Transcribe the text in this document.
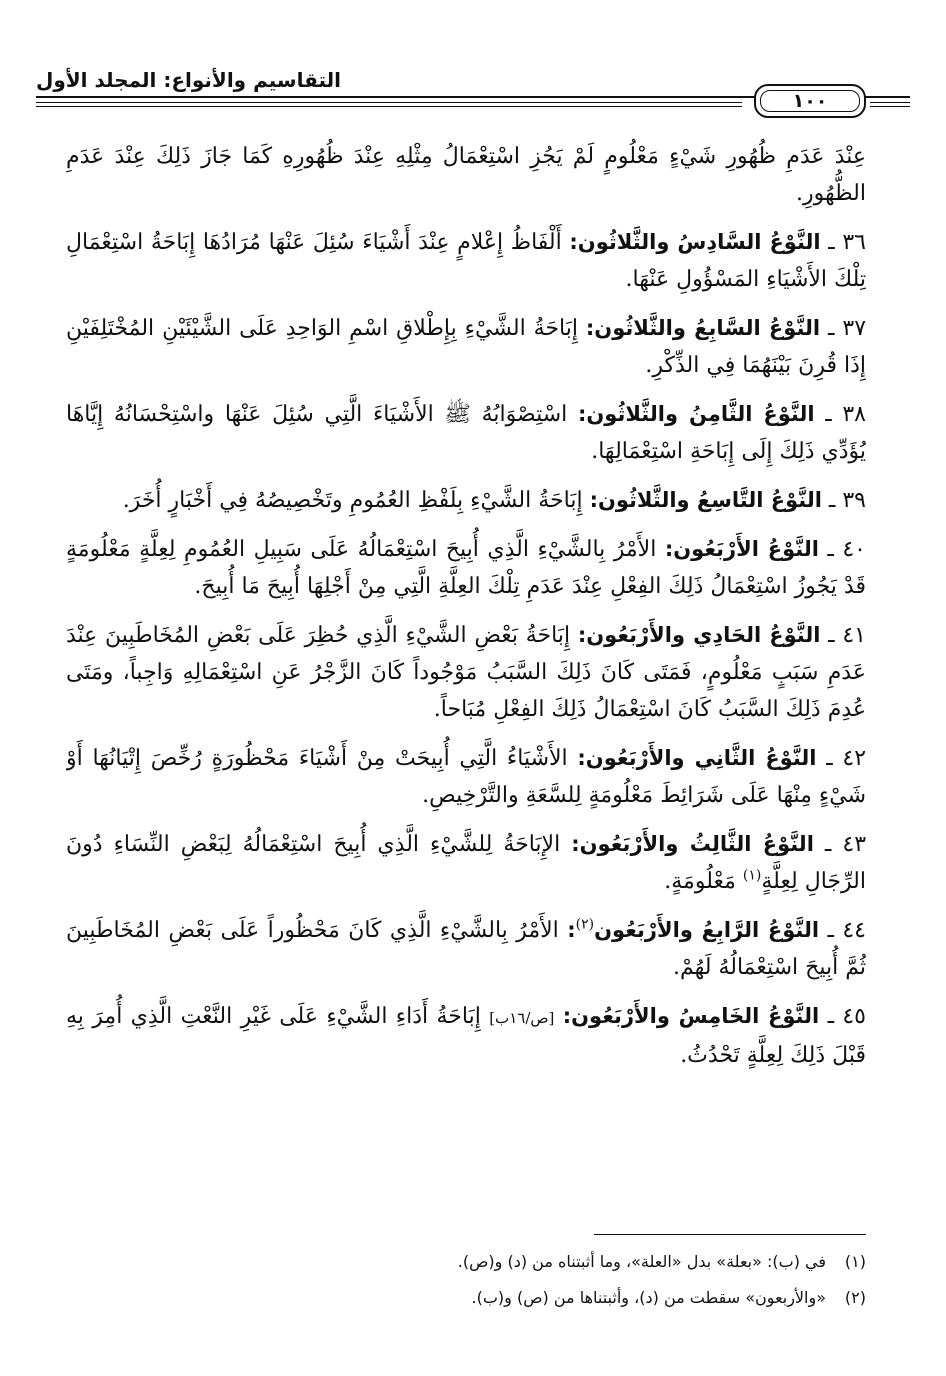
التقاسيم والأنواع: المجلد الأول
١٠٠

عِنْدَ عَدَمِ ظُهُورِ شَيْءٍ مَعْلُومٍ لَمْ يَجُزِ اسْتِعْمَالُ مِثْلِهِ عِنْدَ ظُهُورِهِ كَمَا جَازَ ذَلِكَ عِنْدَ عَدَمِ الظُّهُورِ.

٣٦ ـ النَّوْعُ السَّادِسُ والثَّلاثُون: أَلْفَاظُ إِعْلامٍ عِنْدَ أَشْيَاءَ سُئِلَ عَنْهَا مُرَادُهَا إِبَاحَةُ اسْتِعْمَالِ تِلْكَ الأَشْيَاءِ المَسْؤُولِ عَنْهَا.

٣٧ ـ النَّوْعُ السَّابِعُ والثَّلاثُون: إِبَاحَةُ الشَّيْءِ بِإِطْلاقِ اسْمِ الوَاحِدِ عَلَى الشَّيْئَيْنِ المُخْتَلِفَيْنِ إِذَا قُرِنَ بَيْنَهُمَا فِي الذِّكْرِ.

٣٨ ـ النَّوْعُ الثَّامِنُ والثَّلاثُون: اسْتِصْوَابُهُ ﷺ الأَشْيَاءَ الَّتِي سُئِلَ عَنْهَا واسْتِحْسَانُهُ إِيَّاهَا يُؤَدِّي ذَلِكَ إِلَى إِبَاحَةِ اسْتِعْمَالِهَا.

٣٩ ـ النَّوْعُ التَّاسِعُ والثَّلاثُون: إِبَاحَةُ الشَّيْءِ بِلَفْظِ العُمُومِ وتَخْصِيصُهُ فِي أَخْبَارٍ أُخَرَ.

٤٠ ـ النَّوْعُ الأَرْبَعُون: الأَمْرُ بِالشَّيْءِ الَّذِي أُبِيحَ اسْتِعْمَالُهُ عَلَى سَبِيلِ العُمُومِ لِعِلَّةٍ مَعْلُومَةٍ قَدْ يَجُوزُ اسْتِعْمَالُ ذَلِكَ الفِعْلِ عِنْدَ عَدَمِ تِلْكَ العِلَّةِ الَّتِي مِنْ أَجْلِهَا أُبِيحَ مَا أُبِيحَ.

٤١ ـ النَّوْعُ الحَادِي والأَرْبَعُون: إِبَاحَةُ بَعْضِ الشَّيْءِ الَّذِي حُظِرَ عَلَى بَعْضِ المُخَاطَبِينَ عِنْدَ عَدَمِ سَبَبٍ مَعْلُومٍ، فَمَتَى كَانَ ذَلِكَ السَّبَبُ مَوْجُوداً كَانَ الزَّجْرُ عَنِ اسْتِعْمَالِهِ وَاجِباً، ومَتَى عُدِمَ ذَلِكَ السَّبَبُ كَانَ اسْتِعْمَالُ ذَلِكَ الفِعْلِ مُبَاحاً.

٤٢ ـ النَّوْعُ الثَّانِي والأَرْبَعُون: الأَشْيَاءُ الَّتِي أُبِيحَتْ مِنْ أَشْيَاءَ مَحْظُورَةٍ رُخِّصَ إِتْيَانُهَا أَوْ شَيْءٍ مِنْهَا عَلَى شَرَائِطَ مَعْلُومَةٍ لِلسَّعَةِ والتَّرْخِيصِ.

٤٣ ـ النَّوْعُ الثَّالِثُ والأَرْبَعُون: الإِبَاحَةُ لِلشَّيْءِ الَّذِي أُبِيحَ اسْتِعْمَالُهُ لِبَعْضِ النِّسَاءِ دُونَ الرِّجَالِ لِعِلَّةٍ$^{(١)}$ مَعْلُومَةٍ.

٤٤ ـ النَّوْعُ الرَّابِعُ والأَرْبَعُون$^{(٢)}$: الأَمْرُ بِالشَّيْءِ الَّذِي كَانَ مَحْظُوراً عَلَى بَعْضِ المُخَاطَبِينَ ثُمَّ أُبِيحَ اسْتِعْمَالُهُ لَهُمْ.

٤٥ ـ النَّوْعُ الخَامِسُ والأَرْبَعُون: [ص/١٦ب] إِبَاحَةُ أَدَاءِ الشَّيْءِ عَلَى غَيْرِ النَّعْتِ الَّذِي أُمِرَ بِهِ قَبْلَ ذَلِكَ لِعِلَّةٍ تَحْدُثُ.

(١)في (ب): «بعلة» بدل «العلة»، وما أثبتناه من (د) و(ص).
(٢)«والأربعون» سقطت من (د)، وأثبتناها من (ص) و(ب).
